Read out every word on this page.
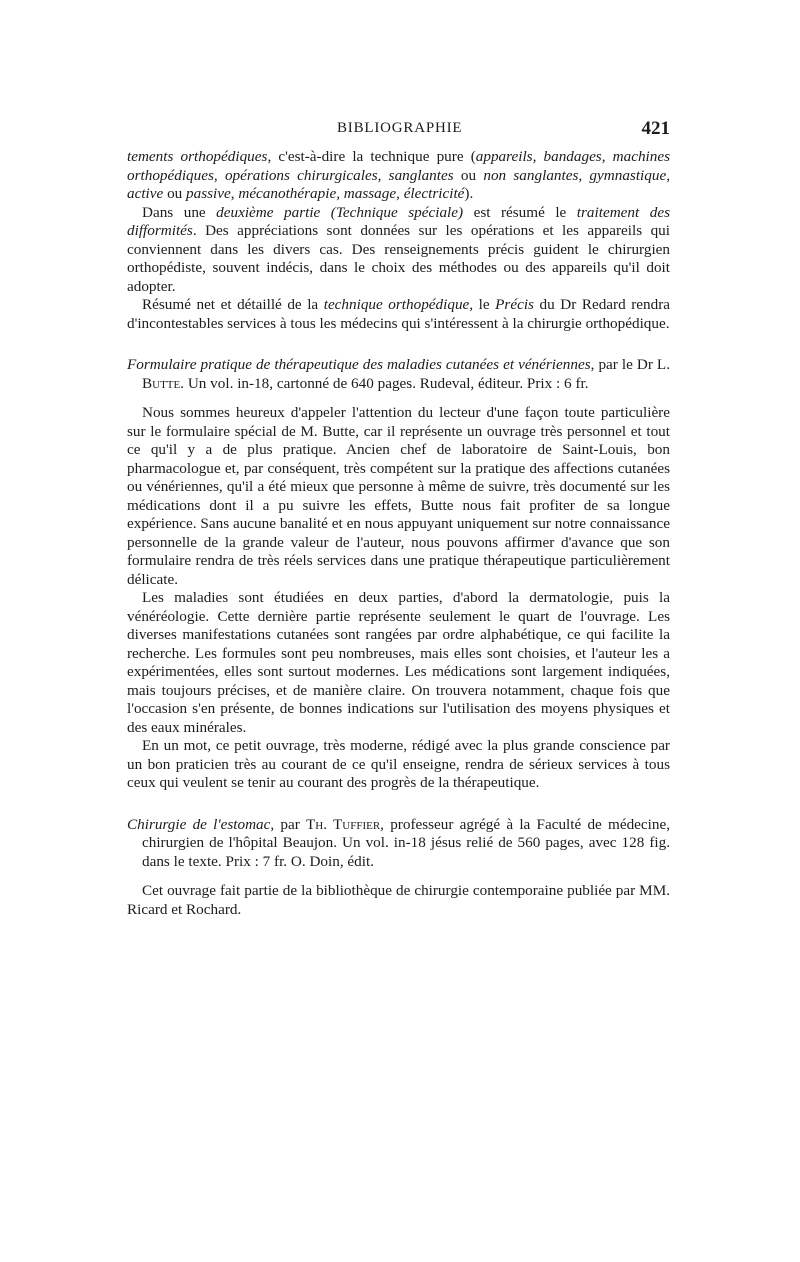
BIBLIOGRAPHIE	421

tements orthopédiques, c'est-à-dire la technique pure (appareils, bandages, machines orthopédiques, opérations chirurgicales, sanglantes ou non sanglantes, gymnastique, active ou passive, mécanothérapie, massage, électricité).

Dans une deuxième partie (Technique spéciale) est résumé le traitement des difformités. Des appréciations sont données sur les opérations et les appareils qui conviennent dans les divers cas. Des renseignements précis guident le chirurgien orthopédiste, souvent indécis, dans le choix des méthodes ou des appareils qu'il doit adopter.

Résumé net et détaillé de la technique orthopédique, le Précis du Dr Redard rendra d'incontestables services à tous les médecins qui s'intéressent à la chirurgie orthopédique.

Formulaire pratique de thérapeutique des maladies cutanées et vénériennes, par le Dr L. Butte. Un vol. in-18, cartonné de 640 pages. Rudeval, éditeur. Prix : 6 fr.

Nous sommes heureux d'appeler l'attention du lecteur d'une façon toute particulière sur le formulaire spécial de M. Butte, car il représente un ouvrage très personnel et tout ce qu'il y a de plus pratique. Ancien chef de laboratoire de Saint-Louis, bon pharmacologue et, par conséquent, très compétent sur la pratique des affections cutanées ou vénériennes, qu'il a été mieux que personne à même de suivre, très documenté sur les médications dont il a pu suivre les effets, Butte nous fait profiter de sa longue expérience. Sans aucune banalité et en nous appuyant uniquement sur notre connaissance personnelle de la grande valeur de l'auteur, nous pouvons affirmer d'avance que son formulaire rendra de très réels services dans une pratique thérapeutique particulièrement délicate.

Les maladies sont étudiées en deux parties, d'abord la dermatologie, puis la vénéréologie. Cette dernière partie représente seulement le quart de l'ouvrage. Les diverses manifestations cutanées sont rangées par ordre alphabétique, ce qui facilite la recherche. Les formules sont peu nombreuses, mais elles sont choisies, et l'auteur les a expérimentées, elles sont surtout modernes. Les médications sont largement indiquées, mais toujours précises, et de manière claire. On trouvera notamment, chaque fois que l'occasion s'en présente, de bonnes indications sur l'utilisation des moyens physiques et des eaux minérales.

En un mot, ce petit ouvrage, très moderne, rédigé avec la plus grande conscience par un bon praticien très au courant de ce qu'il enseigne, rendra de sérieux services à tous ceux qui veulent se tenir au courant des progrès de la thérapeutique.

Chirurgie de l'estomac, par Th. Tuffier, professeur agrégé à la Faculté de médecine, chirurgien de l'hôpital Beaujon. Un vol. in-18 jésus relié de 560 pages, avec 128 fig. dans le texte. Prix : 7 fr. O. Doin, édit.

Cet ouvrage fait partie de la bibliothèque de chirurgie contemporaine publiée par MM. Ricard et Rochard.
